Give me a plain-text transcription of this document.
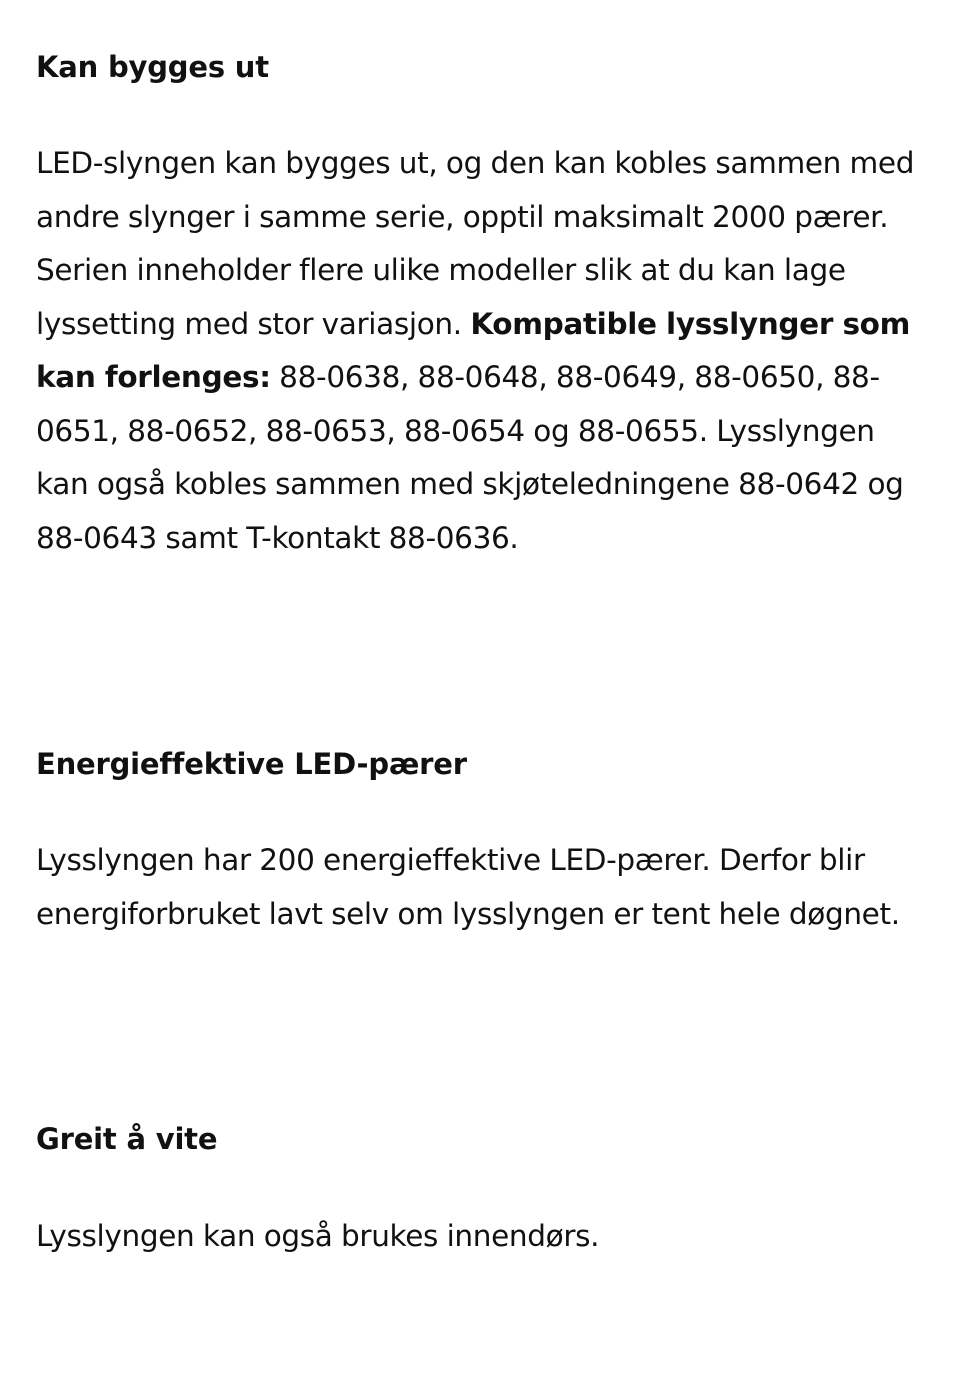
Kan bygges ut

LED-slyngen kan bygges ut, og den kan kobles sammen med andre slynger i samme serie, opptil maksimalt 2000 pærer. Serien inneholder flere ulike modeller slik at du kan lage lyssetting med stor variasjon. Kompatible lysslynger som kan forlenges: 88-0638, 88-0648, 88-0649, 88-0650, 88-0651, 88-0652, 88-0653, 88-0654 og 88-0655. Lysslyngen kan også kobles sammen med skjøteledningene 88-0642 og 88-0643 samt T-kontakt 88-0636.

Energieffektive LED-pærer

Lysslyngen har 200 energieffektive LED-pærer. Derfor blir energiforbruket lavt selv om lysslyngen er tent hele døgnet.

Greit å vite

Lysslyngen kan også brukes innendørs.
